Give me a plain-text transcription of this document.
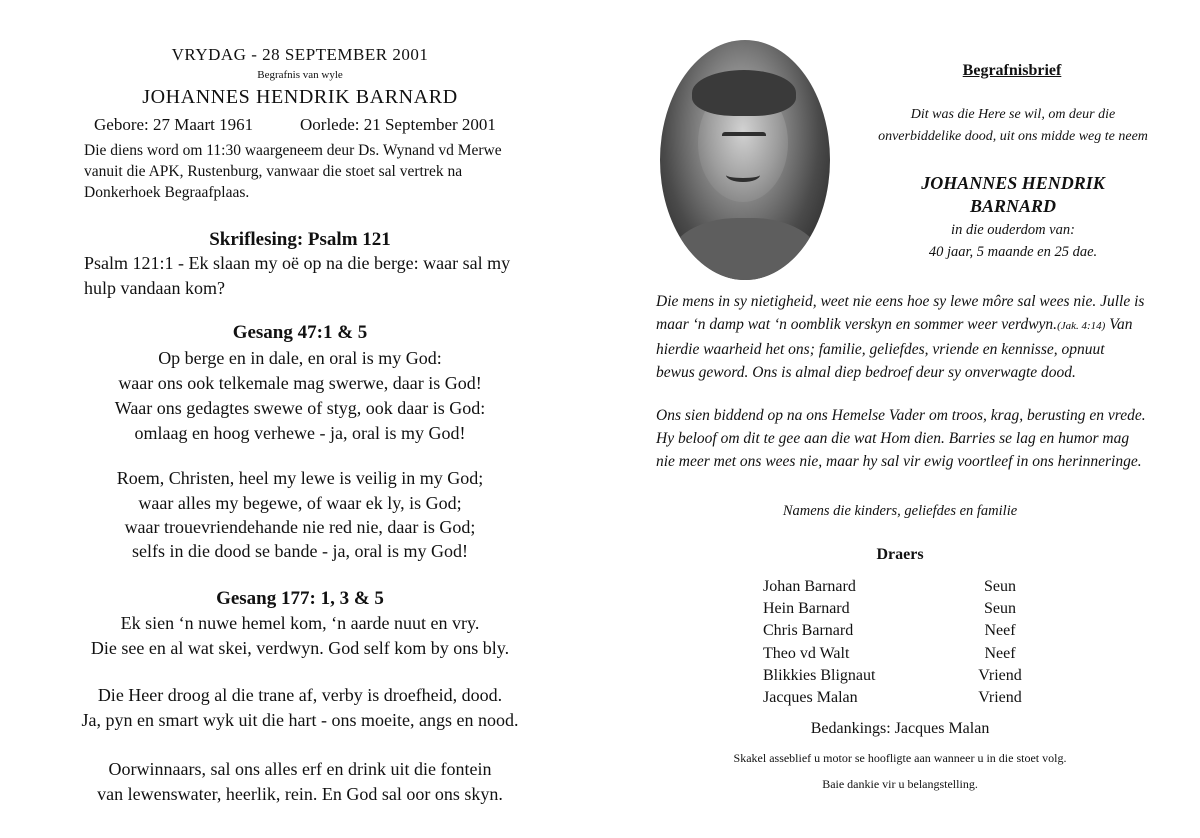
VRYDAG - 28 SEPTEMBER 2001
Begrafnis van wyle
JOHANNES HENDRIK BARNARD
Gebore: 27 Maart 1961	Oorlede: 21 September 2001
Die diens word om 11:30 waargeneem deur Ds. Wynand vd Merwe vanuit die APK, Rustenburg, vanwaar die stoet sal vertrek na Donkerhoek Begraafplaas.
Skriflesing: Psalm 121
Psalm 121:1 - Ek slaan my oë op na die berge: waar sal my
hulp vandaan kom?
Gesang 47:1 & 5
Op berge en in dale, en oral is my God:
waar ons ook telkemale mag swerwe, daar is God!
Waar ons gedagtes swewe of styg, ook daar is God:
omlaag en hoog verhewe - ja, oral is my God!
Roem, Christen, heel my lewe is veilig in my God;
waar alles my begewe, of waar ek ly, is God;
waar trouevriendehande nie red nie, daar is God;
selfs in die dood se bande - ja, oral is my God!
Gesang 177: 1, 3 & 5
Ek sien ‘n nuwe hemel kom, ‘n aarde nuut en vry.
Die see en al wat skei, verdwyn. God self kom by ons bly.
Die Heer droog al die trane af, verby is droefheid, dood.
Ja, pyn en smart wyk uit die hart - ons moeite, angs en nood.
Oorwinnaars, sal ons alles erf en drink uit die fontein
van lewenswater, heerlik, rein. En God sal oor ons skyn.
Begrafnisbrief
Dit was die Here se wil, om deur die
onverbiddelike dood, uit ons midde weg te neem
JOHANNES HENDRIK
BARNARD
in die ouderdom van:
40 jaar, 5 maande en 25 dae.
Die mens in sy nietigheid, weet nie eens hoe sy lewe môre sal wees nie. Julle is maar ‘n damp wat ‘n oomblik verskyn en sommer weer verdwyn.(Jak. 4:14) Van hierdie waarheid het ons; familie, geliefdes, vriende en kennisse, opnuut bewus geword. Ons is almal diep bedroef deur sy onverwagte dood.
Ons sien biddend op na ons Hemelse Vader om troos, krag, berusting en vrede. Hy beloof om dit te gee aan die wat Hom dien. Barries se lag en humor mag nie meer met ons wees nie, maar hy sal vir ewig voortleef in ons herinneringe.
Namens die kinders, geliefdes en familie
Draers
Johan Barnard	Seun
Hein Barnard	Seun
Chris Barnard	Neef
Theo vd Walt	Neef
Blikkies Blignaut	Vriend
Jacques Malan	Vriend
Bedankings: Jacques Malan
Skakel asseblief u motor se hoofligte aan wanneer u in die stoet volg.
Baie dankie vir u belangstelling.
